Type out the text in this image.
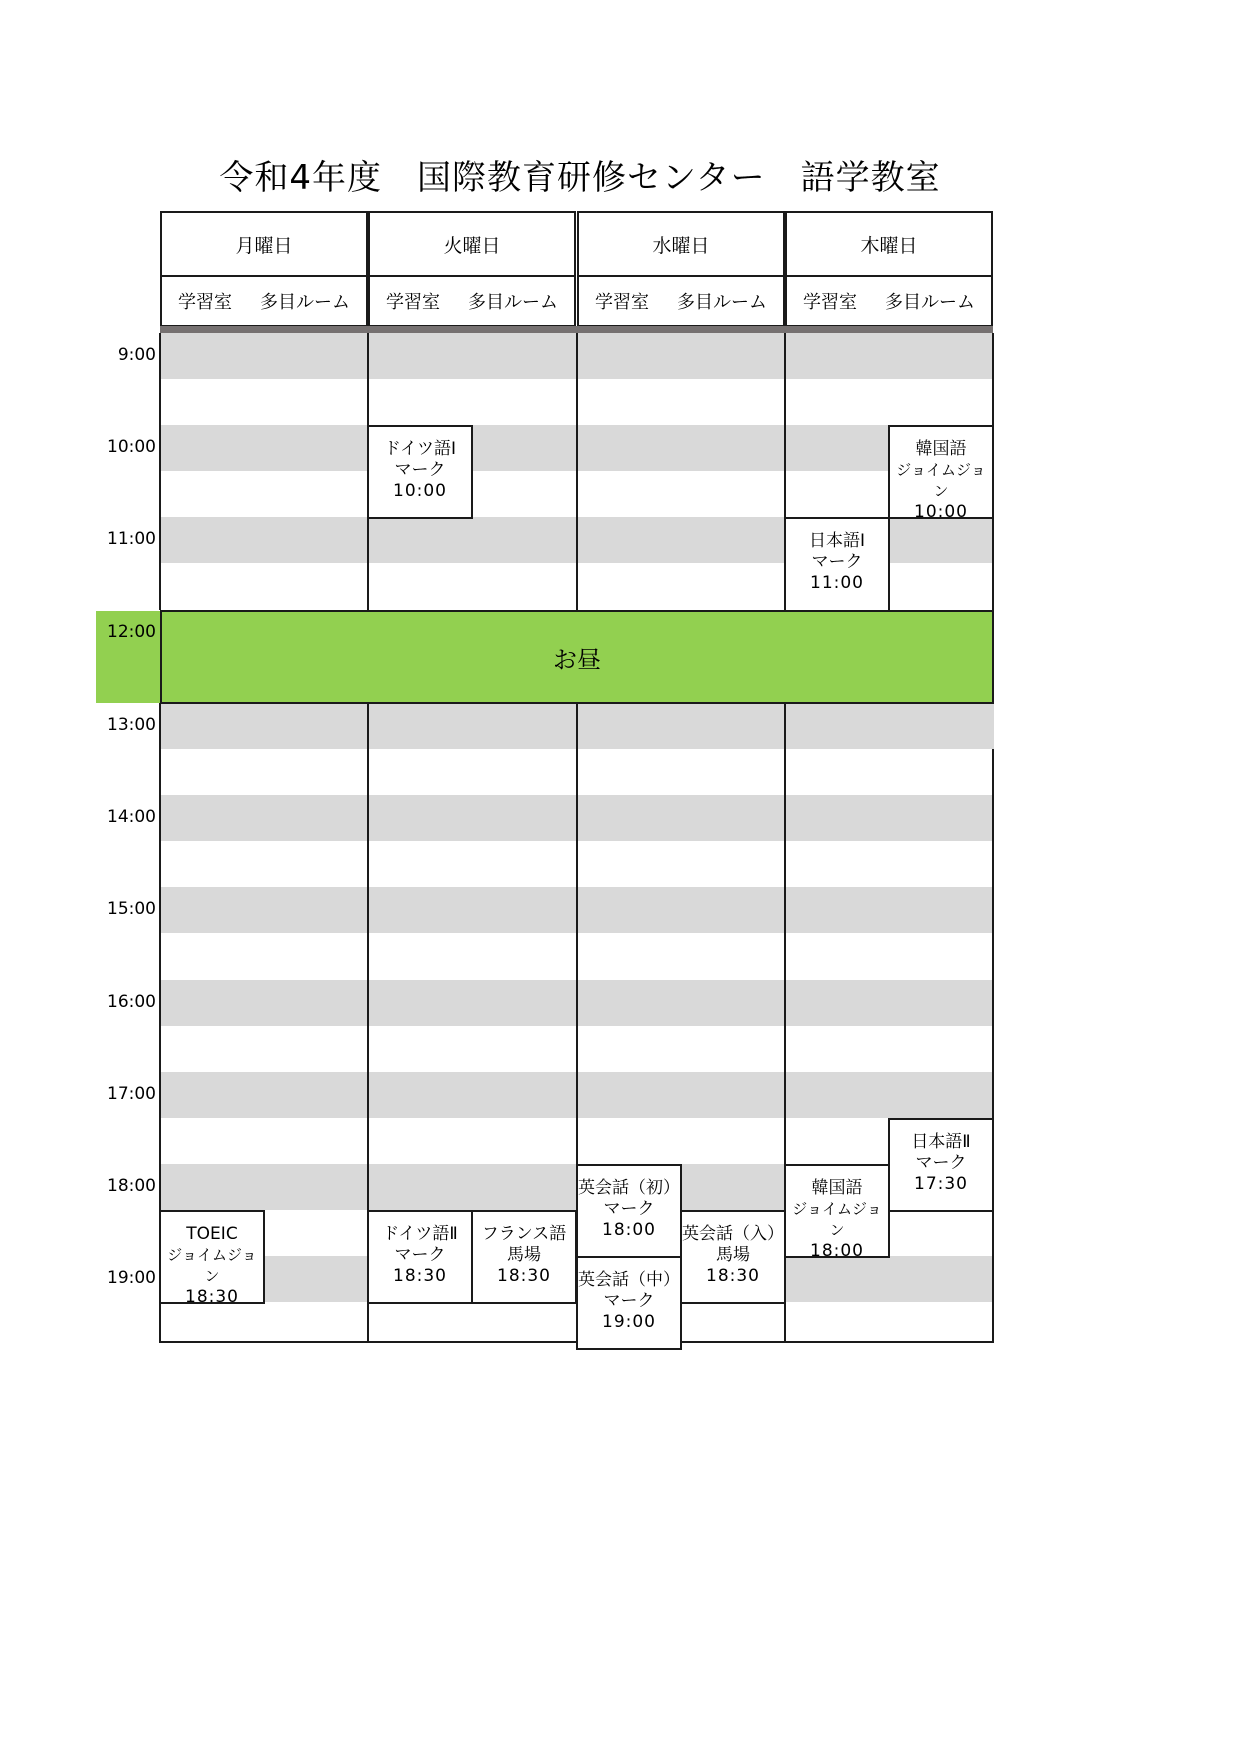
令和4年度　国際教育研修センター　語学教室
月曜日
学習室 多目ルーム
火曜日
学習室 多目ルーム
水曜日
学習室 多目ルーム
木曜日
学習室 多目ルーム
9:00
10:00
11:00
12:00
13:00
14:00
15:00
16:00
17:00
18:00
19:00
お昼
ドイツ語Ⅰ
マーク
10:00
韓国語
ジョイムジョン
10:00
日本語Ⅰ
マーク
11:00
TOEIC
ジョイムジョン
18:30
ドイツ語Ⅱ
マーク
18:30
フランス語
馬場
18:30
英会話（初）
マーク
18:00 英会話（入）
馬場
18:30
英会話（中）
マーク
19:00
韓国語
ジョイムジョン
18:00
日本語Ⅱ
マーク
17:30
